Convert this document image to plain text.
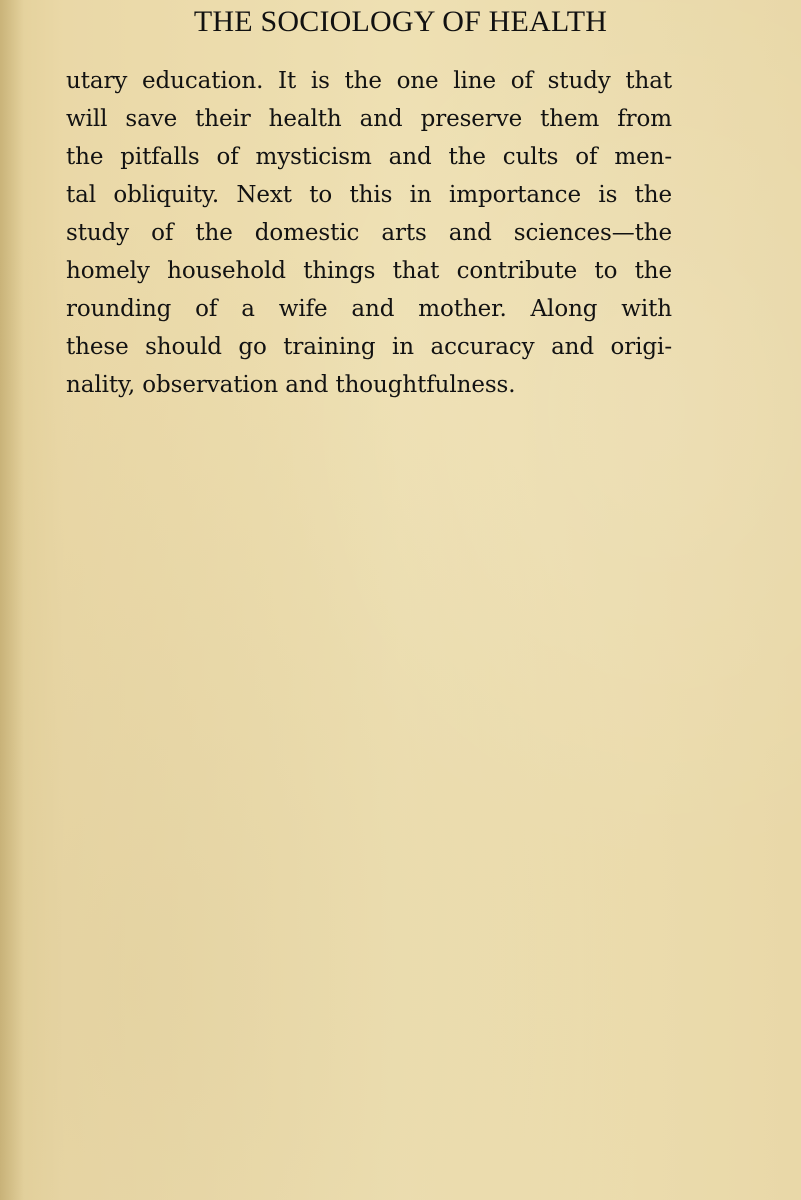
THE SOCIOLOGY OF HEALTH

utary education. It is the one line of study that
will save their health and preserve them from
the pitfalls of mysticism and the cults of men-
tal obliquity. Next to this in importance is the
study of the domestic arts and sciences—the
homely household things that contribute to the
rounding of a wife and mother. Along with
these should go training in accuracy and origi-
nality, observation and thoughtfulness.
